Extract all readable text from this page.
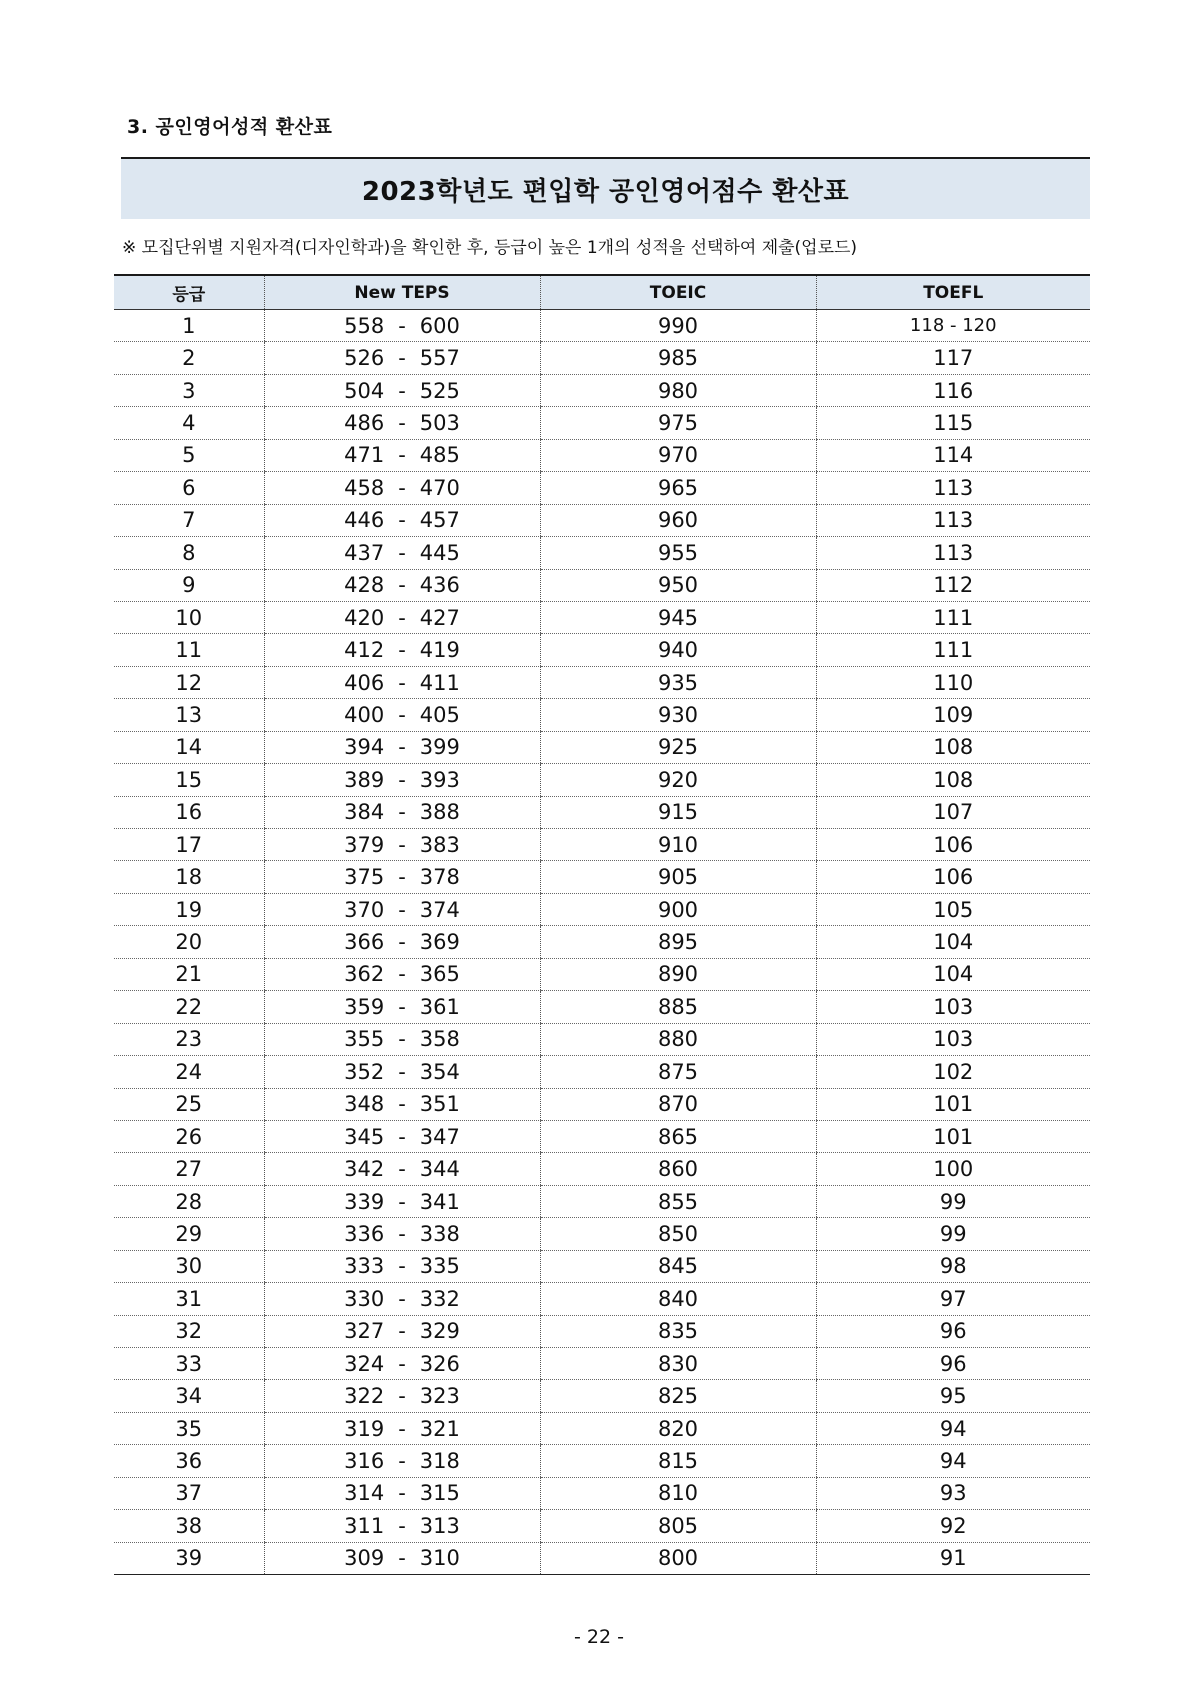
3. 공인영어성적 환산표
2023학년도 편입학 공인영어점수 환산표
※ 모집단위별 지원자격(디자인학과)을 확인한 후, 등급이 높은 1개의 성적을 선택하여 제출(업로드)
등급	New TEPS	TOEIC	TOEFL
1	558 - 600	990	118 - 120
2	526 - 557	985	117
3	504 - 525	980	116
4	486 - 503	975	115
5	471 - 485	970	114
6	458 - 470	965	113
7	446 - 457	960	113
8	437 - 445	955	113
9	428 - 436	950	112
10	420 - 427	945	111
11	412 - 419	940	111
12	406 - 411	935	110
13	400 - 405	930	109
14	394 - 399	925	108
15	389 - 393	920	108
16	384 - 388	915	107
17	379 - 383	910	106
18	375 - 378	905	106
19	370 - 374	900	105
20	366 - 369	895	104
21	362 - 365	890	104
22	359 - 361	885	103
23	355 - 358	880	103
24	352 - 354	875	102
25	348 - 351	870	101
26	345 - 347	865	101
27	342 - 344	860	100
28	339 - 341	855	99
29	336 - 338	850	99
30	333 - 335	845	98
31	330 - 332	840	97
32	327 - 329	835	96
33	324 - 326	830	96
34	322 - 323	825	95
35	319 - 321	820	94
36	316 - 318	815	94
37	314 - 315	810	93
38	311 - 313	805	92
39	309 - 310	800	91
- 22 -
